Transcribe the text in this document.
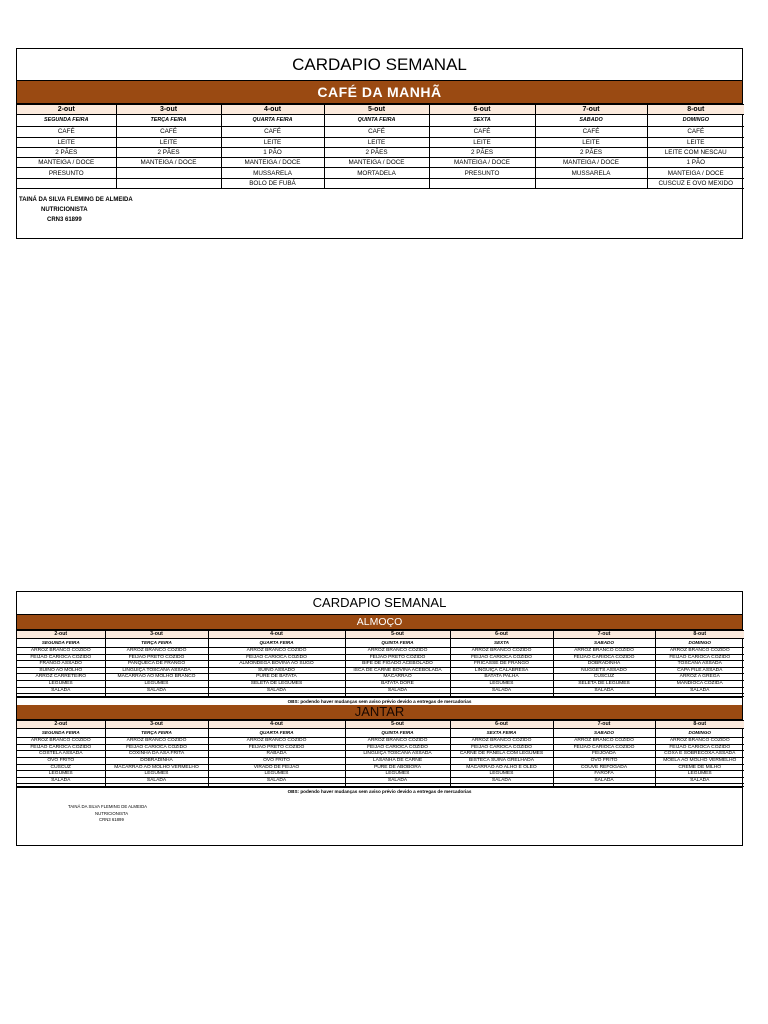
CARDAPIO SEMANAL
CAFÉ DA MANHÃ
2-out	3-out	4-out	5-out	6-out	7-out	8-out
SEGUNDA FEIRA	TERÇA FEIRA	QUARTA FEIRA	QUINTA FEIRA	SEXTA	SABADO	DOMINGO
CAFÉ	CAFÉ	CAFÉ	CAFÉ	CAFÉ	CAFÉ	CAFÉ
LEITE	LEITE	LEITE	LEITE	LEITE	LEITE	LEITE
2 PÃES	2 PÃES	1 PÃO	2 PÃES	2 PÃES	2 PÃES	LEITE COM NESCAU
MANTEIGA / DOCE	MANTEIGA / DOCE	MANTEIGA / DOCE	MANTEIGA / DOCE	MANTEIGA / DOCE	MANTEIGA / DOCE	1 PÃO
PRESUNTO		MUSSARELA	MORTADELA	PRESUNTO	MUSSARELA	MANTEIGA / DOCE
		BOLO DE FUBÁ				CUSCUZ E OVO MEXIDO
TAINÁ DA SILVA FLEMING DE ALMEIDA
NUTRICIONISTA
CRN3 61899
CARDAPIO SEMANAL
ALMOÇO
2-out	3-out	4-out	5-out	6-out	7-out	8-out
SEGUNDA FEIRA	TERÇA FEIRA	QUARTA FEIRA	QUINTA FEIRA	SEXTA	SABADO	DOMINGO
ARROZ BRANCO COZIDO	ARROZ BRANCO COZIDO	ARROZ BRANCO COZIDO	ARROZ BRANCO COZIDO	ARROZ BRANCO COZIDO	ARROZ BRANCO COZIDO	ARROZ BRANCO COZIDO
FEIJAO CARIOCA COZIDO	FEIJAO PRETO COZIDO	FEIJAO CARIOCA COZIDO	FEIJAO PRETO COZIDO	FEIJAO CARIOCA COZIDO	FEIJAO CARIOCA COZIDO	FEIJAO CARIOCA COZIDO
FRANGO ASSADO	PANQUECA DE FRANGO	ALMONDEGA BOVINA AO SUGO	BIFE DE FIGADO ACEBOLADO	FRICASSE DE FRANGO	DOBRADINHA	TOSCANA ASSADA
SUINO AO MOLHO	LINGUIÇA TOSCANA ASSADA	SUINO ASSADO	ISCA DE CARNE BOVINA ACEBOLADA	LINGUIÇA CALABRESA	NUGGETS ASSADO	CAPA FILE ASSADA
ARROZ CARRETEIRO	MACARRAO AO MOLHO BRANCO	PURE DE BATATA	MACARRAO	BATATA PALHA	CUSCUZ	ARROZ A GREGA
LEGUMES	LEGUMES	SELETA DE LEGUMES	BATATA DORE	LEGUMES	SELETA DE LEGUMES	MANDIOCA COZIDA
SALADA	SALADA	SALADA	SALADA	SALADA	SALADA	SALADA

OBS: podendo haver mudanças sem aviso prévio devido a entregas de mercadorias
JANTAR
2-out	3-out	4-out	5-out	6-out	7-out	8-out
SEGUNDA FEIRA	TERÇA FEIRA	QUARTA FEIRA	QUINTA FEIRA	SEXTA FEIRA	SABADO	DOMINGO
ARROZ BRANCO COZIDO	ARROZ BRANCO COZIDO	ARROZ BRANCO COZIDO	ARROZ BRANCO COZIDO	ARROZ BRANCO COZIDO	ARROZ BRANCO COZIDO	ARROZ BRANCO COZIDO
FEIJAO CARIOCA COZIDO	FEIJAO CARIOCA COZIDO	FEIJAO PRETO COZIDO	FEIJAO CARIOCA COZIDO	FEIJAO CARIOCA COZIDO	FEIJAO CARIOCA COZIDO	FEIJAO CARIOCA COZIDO
COSTELA ASSADA	COXINHA DA ASA FRITA	RABADA	LINGUIÇA TOSCANA ASSADA	CARNE DE PANELA COM LEGUMES	FEIJOADA	COXA E SOBRECOXA ASSADA
OVO FRITO	DOBRADINHA	OVO FRITO	LASANHA DE CARNE	BISTECA SUINA GRELHADA	OVO FRITO	MOELA AO MOLHO VERMELHO
CUSCUZ	MACARRAO AO MOLHO VERMELHO	VIRADO DE FEIJAO	PURE DE ABOBORA	MACARRAO AO ALHO E OLEO	COUVE REFOGADA	CREME DE MILHO
LEGUMES	LEGUMES	LEGUMES	LEGUMES	LEGUMES	FAROFA	LEGUMES
SALADA	SALADA	SALADA	SALADA	SALADA	SALADA	SALADA

OBS: podendo haver mudanças sem aviso prévio devido a entregas de mercadorias
TAINÁ DA SILVA FLEMING DE ALMEIDA
NUTRICIONISTA
CRN3 61899
